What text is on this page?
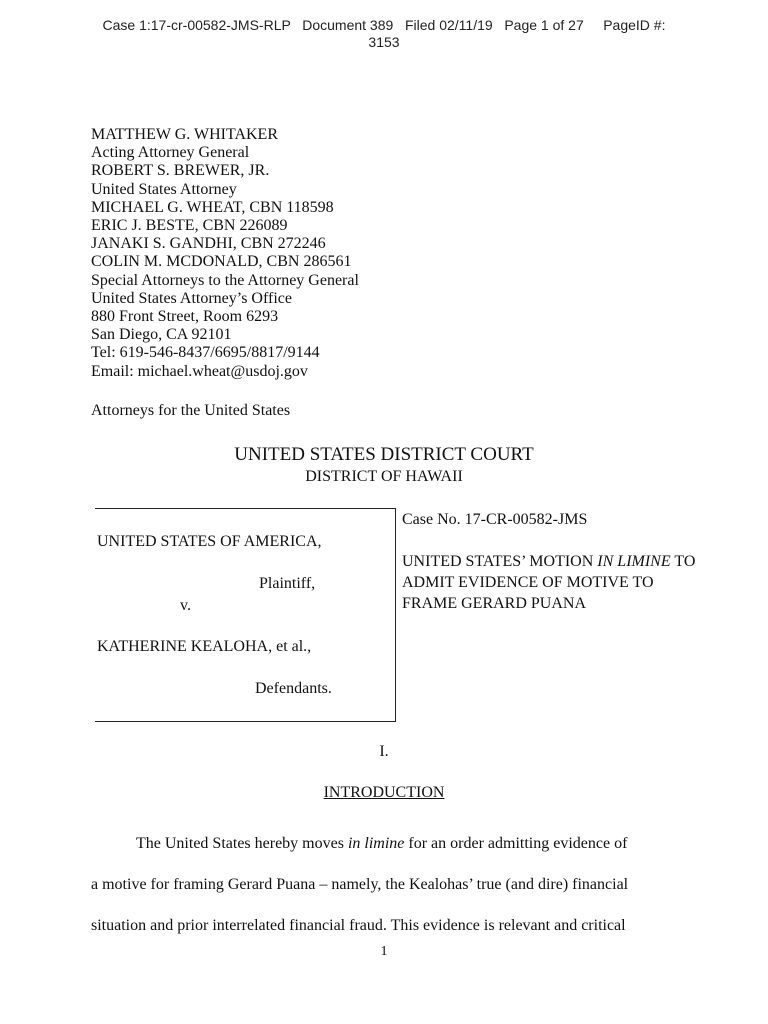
Case 1:17-cr-00582-JMS-RLP Document 389 Filed 02/11/19 Page 1 of 27 PageID #:
3153
MATTHEW G. WHITAKER
Acting Attorney General
ROBERT S. BREWER, JR.
United States Attorney
MICHAEL G. WHEAT, CBN 118598
ERIC J. BESTE, CBN 226089
JANAKI S. GANDHI, CBN 272246
COLIN M. MCDONALD, CBN 286561
Special Attorneys to the Attorney General
United States Attorney’s Office
880 Front Street, Room 6293
San Diego, CA 92101
Tel: 619-546-8437/6695/8817/9144
Email: michael.wheat@usdoj.gov
Attorneys for the United States
UNITED STATES DISTRICT COURT
DISTRICT OF HAWAII
UNITED STATES OF AMERICA,
Plaintiff,
v.
KATHERINE KEALOHA, et al.,
Defendants.
Case No. 17-CR-00582-JMS
UNITED STATES’ MOTION IN LIMINE TO ADMIT EVIDENCE OF MOTIVE TO FRAME GERARD PUANA
I.
INTRODUCTION
The United States hereby moves in limine for an order admitting evidence of
a motive for framing Gerard Puana – namely, the Kealohas’ true (and dire) financial
situation and prior interrelated financial fraud. This evidence is relevant and critical
1
